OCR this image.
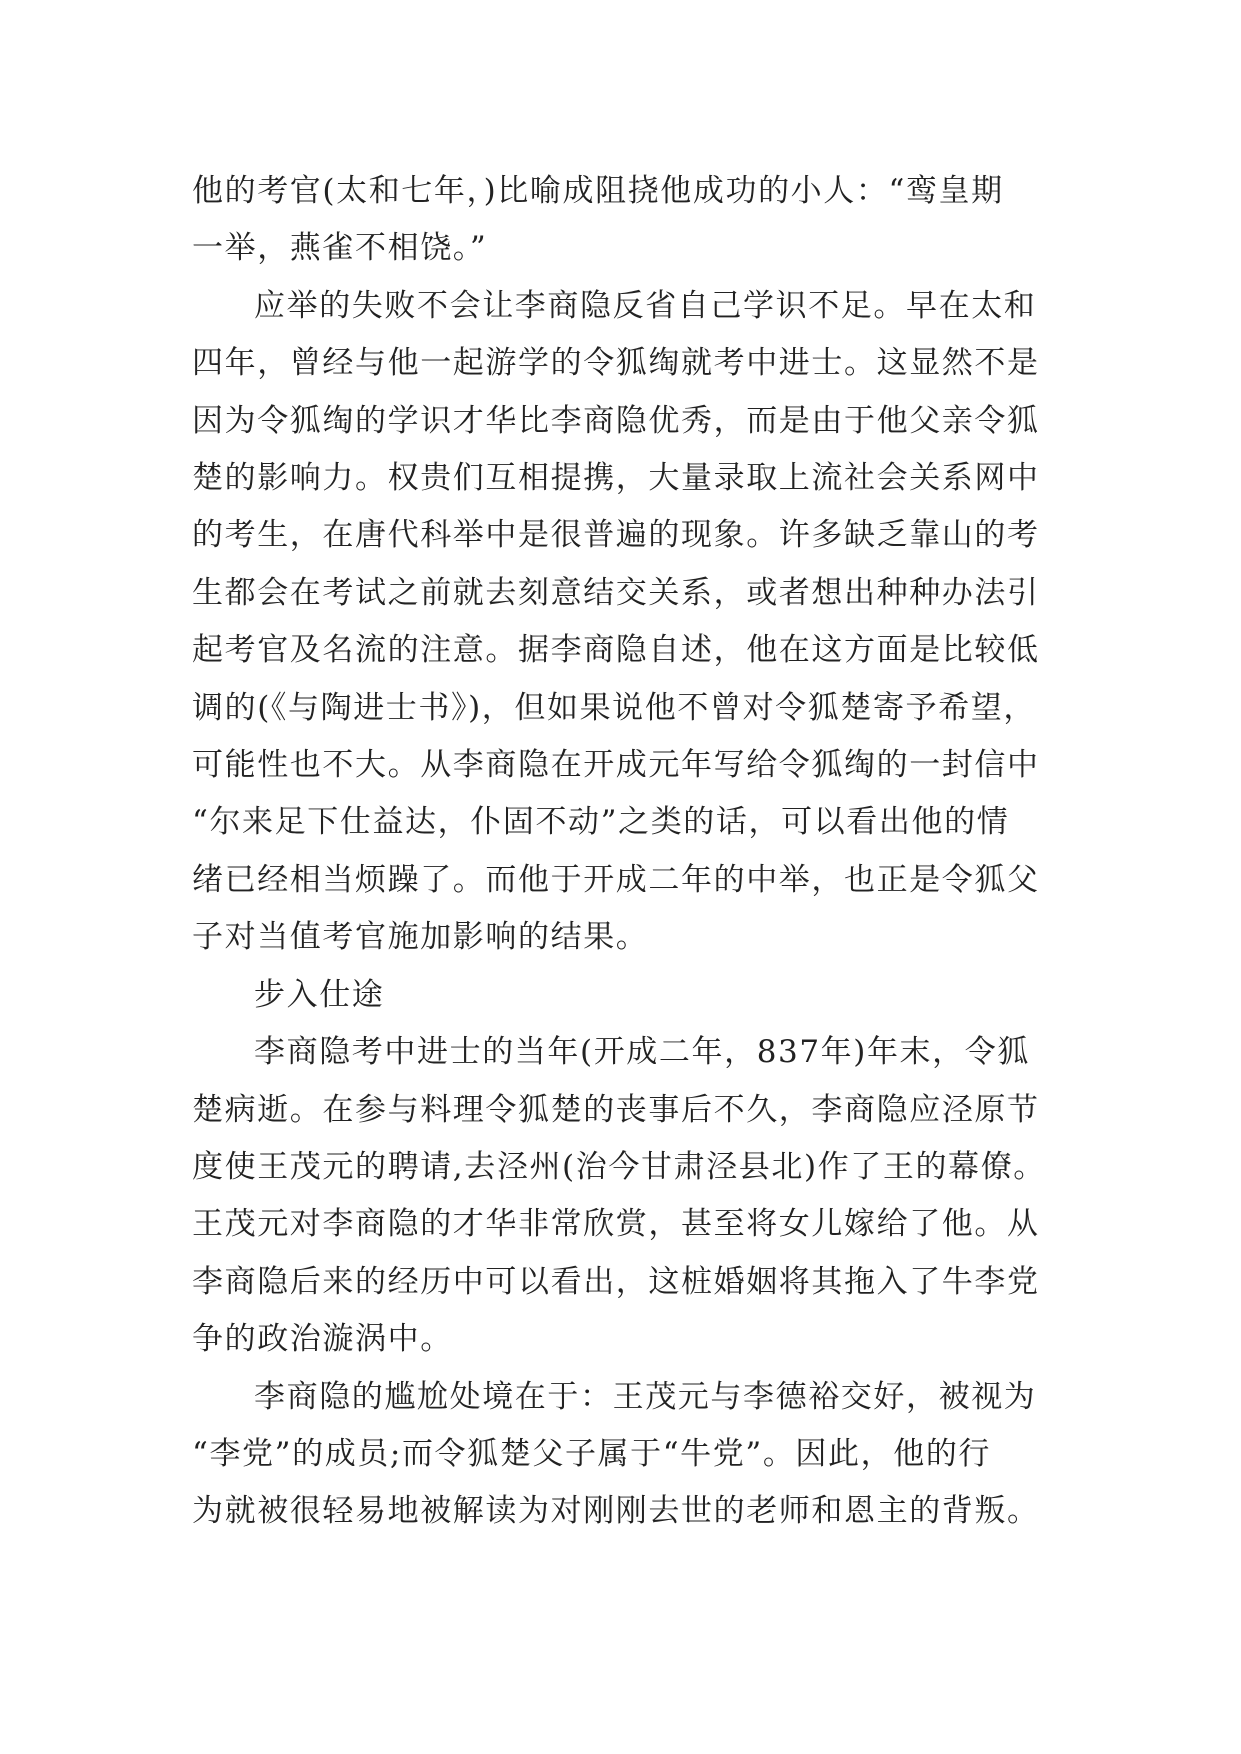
他的考官(太和七年，)比喻成阻挠他成功的小人：“鸾皇期
一举，燕雀不相饶。”

应举的失败不会让李商隐反省自己学识不足。早在太和
四年，曾经与他一起游学的令狐绹就考中进士。这显然不是
因为令狐绹的学识才华比李商隐优秀，而是由于他父亲令狐
楚的影响力。权贵们互相提携，大量录取上流社会关系网中
的考生，在唐代科举中是很普遍的现象。许多缺乏靠山的考
生都会在考试之前就去刻意结交关系，或者想出种种办法引
起考官及名流的注意。据李商隐自述，他在这方面是比较低
调的(《与陶进士书》)，但如果说他不曾对令狐楚寄予希望，
可能性也不大。从李商隐在开成元年写给令狐绹的一封信中
“尔来足下仕益达，仆固不动”之类的话，可以看出他的情
绪已经相当烦躁了。而他于开成二年的中举，也正是令狐父
子对当值考官施加影响的结果。

步入仕途

李商隐考中进士的当年(开成二年，837年)年末，令狐
楚病逝。在参与料理令狐楚的丧事后不久，李商隐应泾原节
度使王茂元的聘请,去泾州(治今甘肃泾县北)作了王的幕僚。
王茂元对李商隐的才华非常欣赏，甚至将女儿嫁给了他。从
李商隐后来的经历中可以看出，这桩婚姻将其拖入了牛李党
争的政治漩涡中。

李商隐的尴尬处境在于：王茂元与李德裕交好，被视为
“李党”的成员;而令狐楚父子属于“牛党”。因此，他的行
为就被很轻易地被解读为对刚刚去世的老师和恩主的背叛。
